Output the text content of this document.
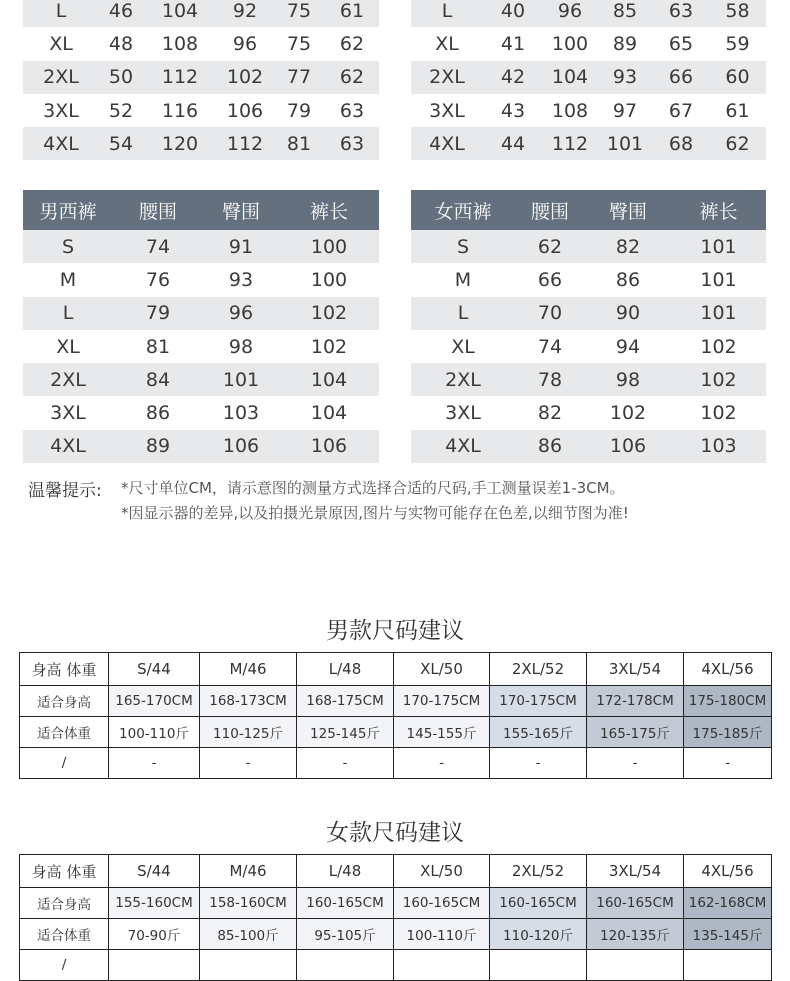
L	46	104	92	75	61
XL	48	108	96	75	62
2XL	50	112	102	77	62
3XL	52	116	106	79	63
4XL	54	120	112	81	63
L	40	96	85	63	58
XL	41	100	89	65	59
2XL	42	104	93	66	60
3XL	43	108	97	67	61
4XL	44	112	101	68	62
男西裤	腰围	臀围	裤长
S	74	91	100
M	76	93	100
L	79	96	102
XL	81	98	102
2XL	84	101	104
3XL	86	103	104
4XL	89	106	106
女西裤	腰围	臀围	裤长
S	62	82	101
M	66	86	101
L	70	90	101
XL	74	94	102
2XL	78	98	102
3XL	82	102	102
4XL	86	106	103
温馨提示: *尺寸单位CM，请示意图的测量方式选择合适的尺码,手工测量误差1-3CM。
*因显示器的差异,以及拍摄光景原因,图片与实物可能存在色差,以细节图为准!
男款尺码建议
身高 体重	S/44	M/46	L/48	XL/50	2XL/52	3XL/54	4XL/56
适合身高	165-170CM	168-173CM	168-175CM	170-175CM	170-175CM	172-178CM	175-180CM
适合体重	100-110斤	110-125斤	125-145斤	145-155斤	155-165斤	165-175斤	175-185斤
/	-	-	-	-	-	-	-
女款尺码建议
身高 体重	S/44	M/46	L/48	XL/50	2XL/52	3XL/54	4XL/56
适合身高	155-160CM	158-160CM	160-165CM	160-165CM	160-165CM	160-165CM	162-168CM
适合体重	70-90斤	85-100斤	95-105斤	100-110斤	110-120斤	120-135斤	135-145斤
/							
